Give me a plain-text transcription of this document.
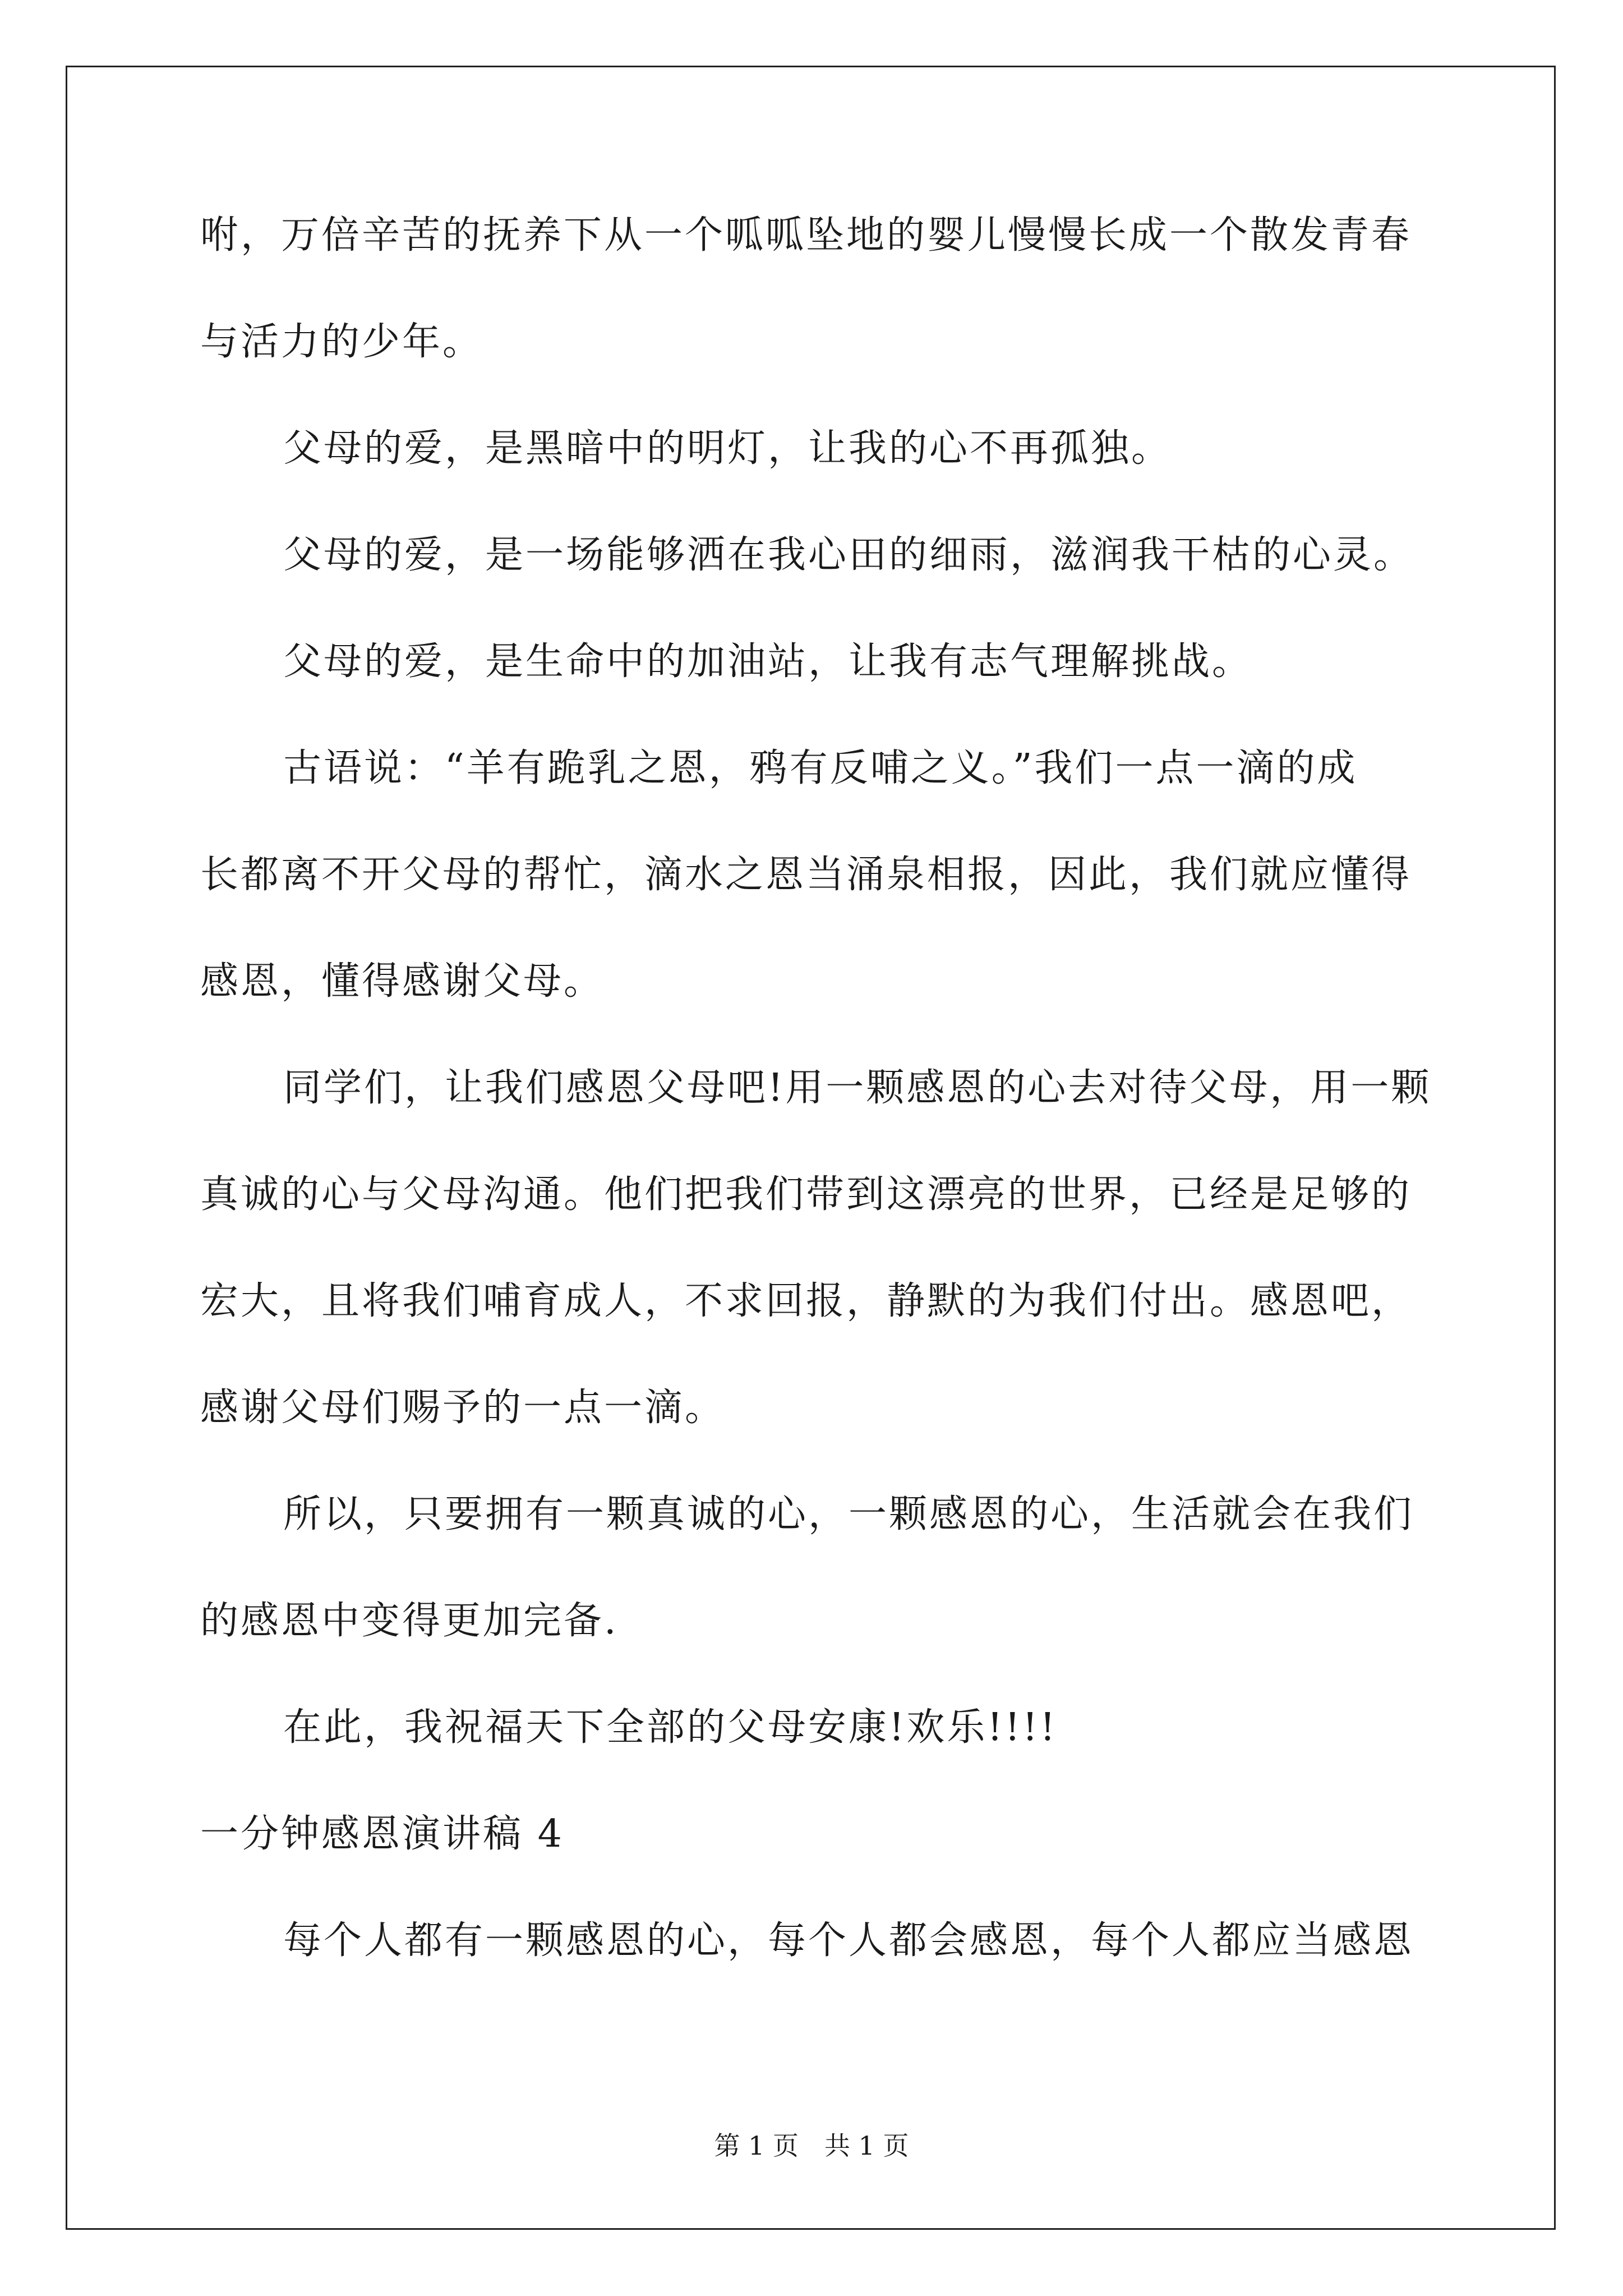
咐，万倍辛苦的抚养下从一个呱呱坠地的婴儿慢慢长成一个散发青春
与活力的少年。
父母的爱，是黑暗中的明灯，让我的心不再孤独。
父母的爱，是一场能够洒在我心田的细雨，滋润我干枯的心灵。
父母的爱，是生命中的加油站，让我有志气理解挑战。
古语说：“羊有跪乳之恩，鸦有反哺之义。”我们一点一滴的成
长都离不开父母的帮忙，滴水之恩当涌泉相报，因此，我们就应懂得
感恩，懂得感谢父母。
同学们，让我们感恩父母吧!用一颗感恩的心去对待父母，用一颗
真诚的心与父母沟通。他们把我们带到这漂亮的世界，已经是足够的
宏大，且将我们哺育成人，不求回报，静默的为我们付出。感恩吧，
感谢父母们赐予的一点一滴。
所以，只要拥有一颗真诚的心，一颗感恩的心，生活就会在我们
的感恩中变得更加完备.
在此，我祝福天下全部的父母安康!欢乐!!!!
一分钟感恩演讲稿 4
每个人都有一颗感恩的心，每个人都会感恩，每个人都应当感恩
第 1 页　共 1 页
